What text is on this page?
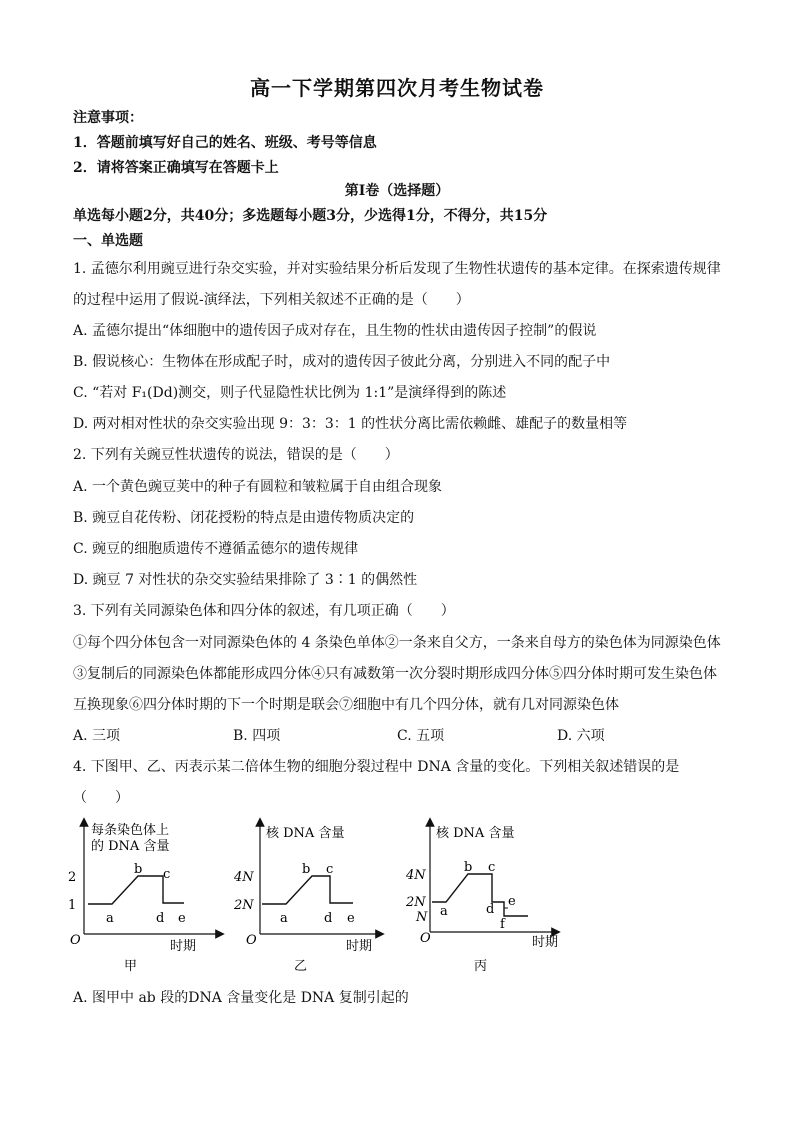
高一下学期第四次月考生物试卷
注意事项：
1．答题前填写好自己的姓名、班级、考号等信息
2．请将答案正确填写在答题卡上
第Ⅰ卷（选择题）
单选每小题2分，共40分；多选题每小题3分，少选得1分，不得分，共15分
一、单选题
1. 孟德尔利用豌豆进行杂交实验，并对实验结果分析后发现了生物性状遗传的基本定律。在探索遗传规律
的过程中运用了假说-演绎法，下列相关叙述不正确的是（　　）
A. 孟德尔提出“体细胞中的遗传因子成对存在，且生物的性状由遗传因子控制”的假说
B. 假说核心：生物体在形成配子时，成对的遗传因子彼此分离，分别进入不同的配子中
C. “若对 F₁(Dd)测交，则子代显隐性状比例为 1:1”是演绎得到的陈述
D. 两对相对性状的杂交实验出现 9：3：3：1 的性状分离比需依赖雌、雄配子的数量相等
2. 下列有关豌豆性状遗传的说法，错误的是（　　）
A. 一个黄色豌豆荚中的种子有圆粒和皱粒属于自由组合现象
B. 豌豆自花传粉、闭花授粉的特点是由遗传物质决定的
C. 豌豆的细胞质遗传不遵循孟德尔的遗传规律
D. 豌豆 7 对性状的杂交实验结果排除了 3∶1 的偶然性
3. 下列有关同源染色体和四分体的叙述，有几项正确（　　）
①每个四分体包含一对同源染色体的 4 条染色单体②一条来自父方，一条来自母方的染色体为同源染色体
③复制后的同源染色体都能形成四分体④只有减数第一次分裂时期形成四分体⑤四分体时期可发生染色体
互换现象⑥四分体时期的下一个时期是联会⑦细胞中有几个四分体，就有几对同源染色体
A. 三项	B. 四项	C. 五项	D. 六项
4. 下图甲、乙、丙表示某二倍体生物的细胞分裂过程中 DNA 含量的变化。下列相关叙述错误的是
（　　）
每条染色体上
的 DNA 含量
2
1
O	时期
a
b c
d e
甲
核 DNA 含量
4N
2N
O	时期
a
b c
d e
乙
核 DNA 含量
4N
2N
N
O	时期
a
b c
d
e
f
丙
A. 图甲中 ab 段的DNA 含量变化是 DNA 复制引起的
